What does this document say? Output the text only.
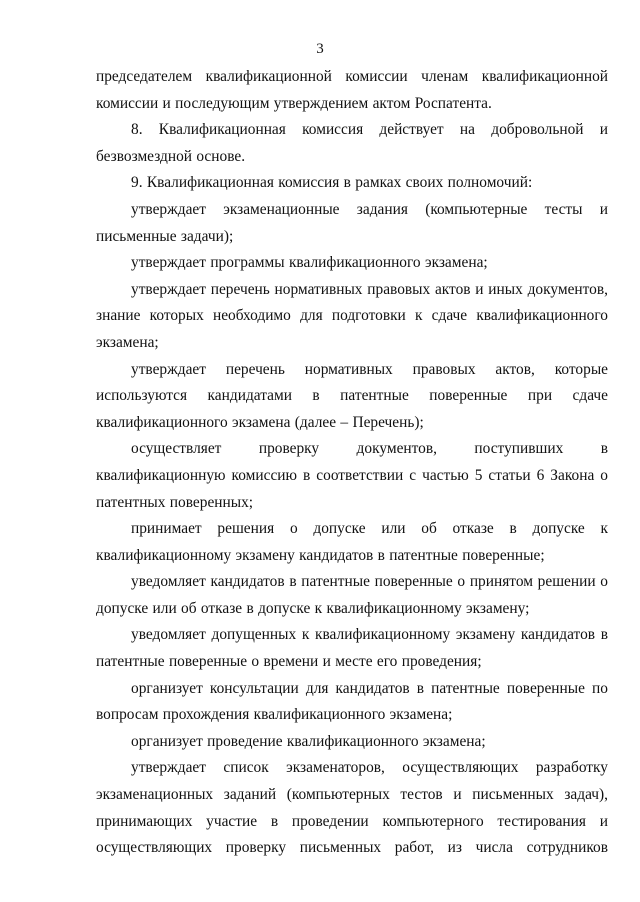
3

председателем квалификационной комиссии членам квалификационной комиссии и последующим утверждением актом Роспатента.

8. Квалификационная комиссия действует на добровольной и безвозмездной основе.

9. Квалификационная комиссия в рамках своих полномочий:

утверждает экзаменационные задания (компьютерные тесты и письменные задачи);

утверждает программы квалификационного экзамена;

утверждает перечень нормативных правовых актов и иных документов, знание которых необходимо для подготовки к сдаче квалификационного экзамена;

утверждает перечень нормативных правовых актов, которые используются кандидатами в патентные поверенные при сдаче квалификационного экзамена (далее – Перечень);

осуществляет проверку документов, поступивших в квалификационную комиссию в соответствии с частью 5 статьи 6 Закона о патентных поверенных;

принимает решения о допуске или об отказе в допуске к квалификационному экзамену кандидатов в патентные поверенные;

уведомляет кандидатов в патентные поверенные о принятом решении о допуске или об отказе в допуске к квалификационному экзамену;

уведомляет допущенных к квалификационному экзамену кандидатов в патентные поверенные о времени и месте его проведения;

организует консультации для кандидатов в патентные поверенные по вопросам прохождения квалификационного экзамена;

организует проведение квалификационного экзамена;

утверждает список экзаменаторов, осуществляющих разработку экзаменационных заданий (компьютерных тестов и письменных задач), принимающих участие в проведении компьютерного тестирования и осуществляющих проверку письменных работ, из числа сотрудников
